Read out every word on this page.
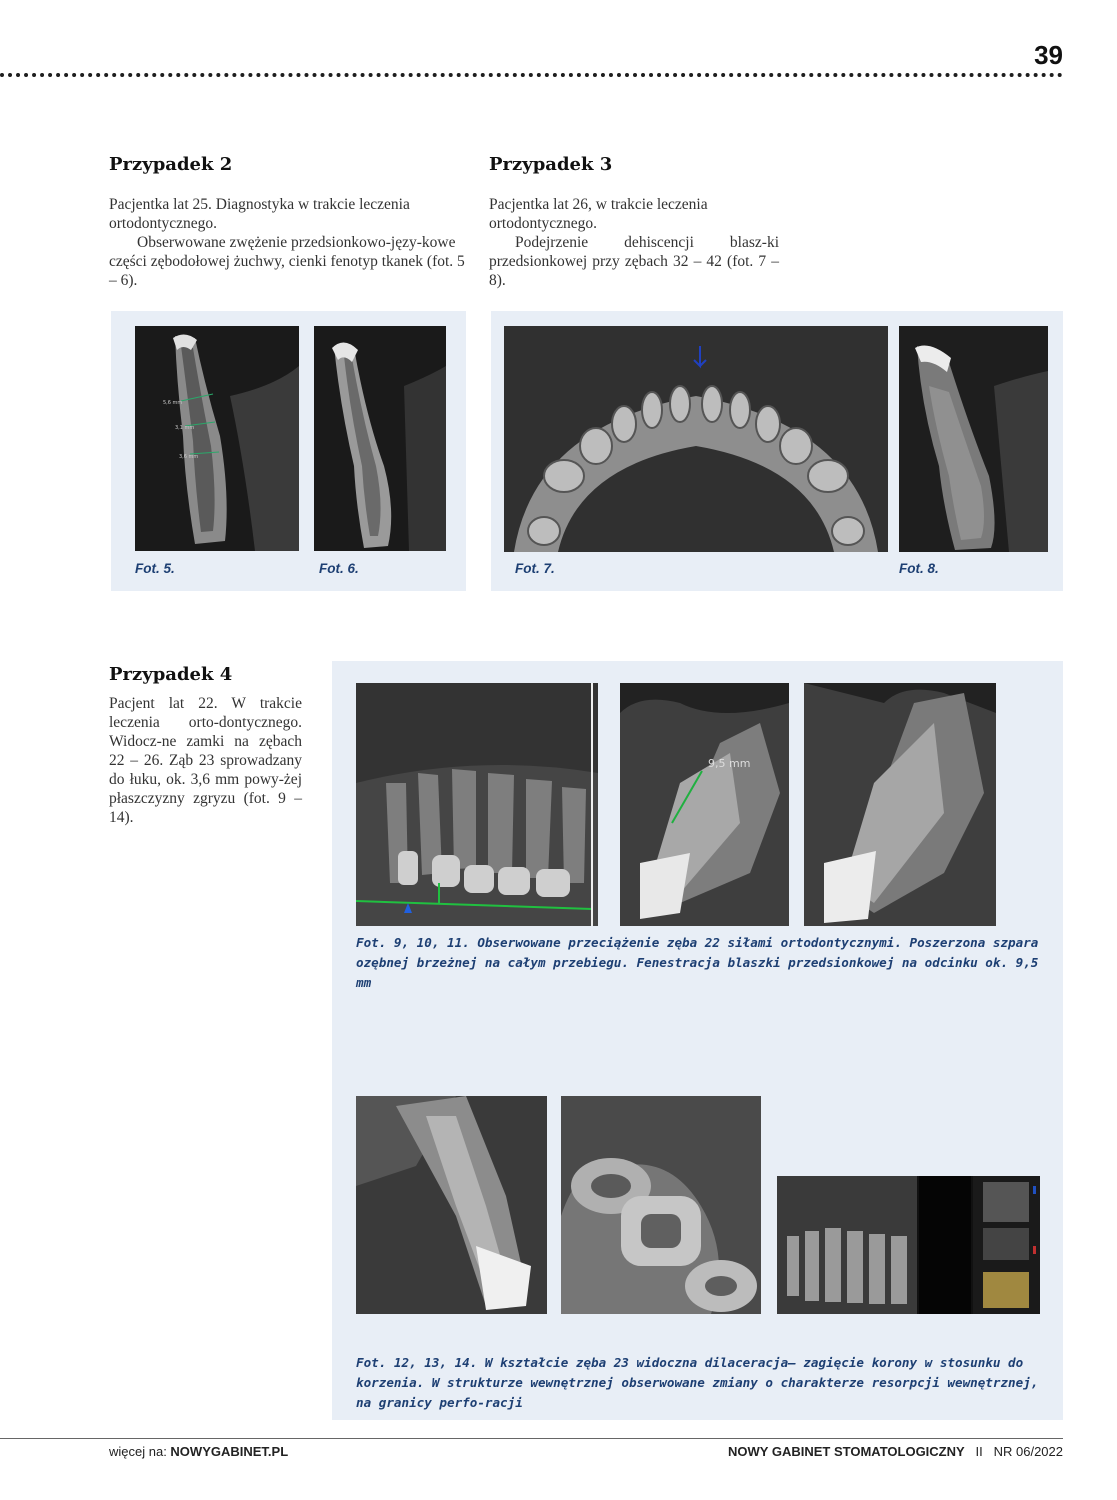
39
Przypadek 2

Pacjentka lat 25. Diagnostyka w trakcie leczenia ortodontycznego.

Obserwowane zwężenie przedsionkowo-języ-kowe części zębodołowej żuchwy, cienki fenotyp tkanek (fot. 5 – 6).

Przypadek 3

Pacjentka lat 26, w trakcie leczenia ortodontycznego.

Podejrzenie dehiscencji blasz-ki przedsionkowej przy zębach 32 – 42 (fot. 7 – 8).

5,6 mm
3,1 mm
3,6 mm
Fot. 5.	Fot. 6.	Fot. 7.	Fot. 8.
Przypadek 4

Pacjent lat 22. W trakcie leczenia orto-dontycznego. Widocz-ne zamki na zębach 22 – 26. Ząb 23 sprowadzany do łuku, ok. 3,6 mm powy-żej płaszczyzny zgryzu (fot. 9 – 14).

9,5 mm
Fot. 9, 10, 11. Obserwowane przeciążenie zęba 22 siłami ortodontycznymi. Poszerzona szpara ozębnej brzeżnej na całym przebiegu. Fenestracja blaszki przedsionkowej na odcinku ok. 9,5 mm
Fot. 12, 13, 14. W kształcie zęba 23 widoczna dilaceracja– zagięcie korony w stosunku do korzenia. W strukturze wewnętrznej obserwowane zmiany o charakterze resorpcji wewnętrznej, na granicy perfo-racji
więcej na: NOWYGABINET.PL	NOWY GABINET STOMATOLOGICZNY II NR 06/2022
